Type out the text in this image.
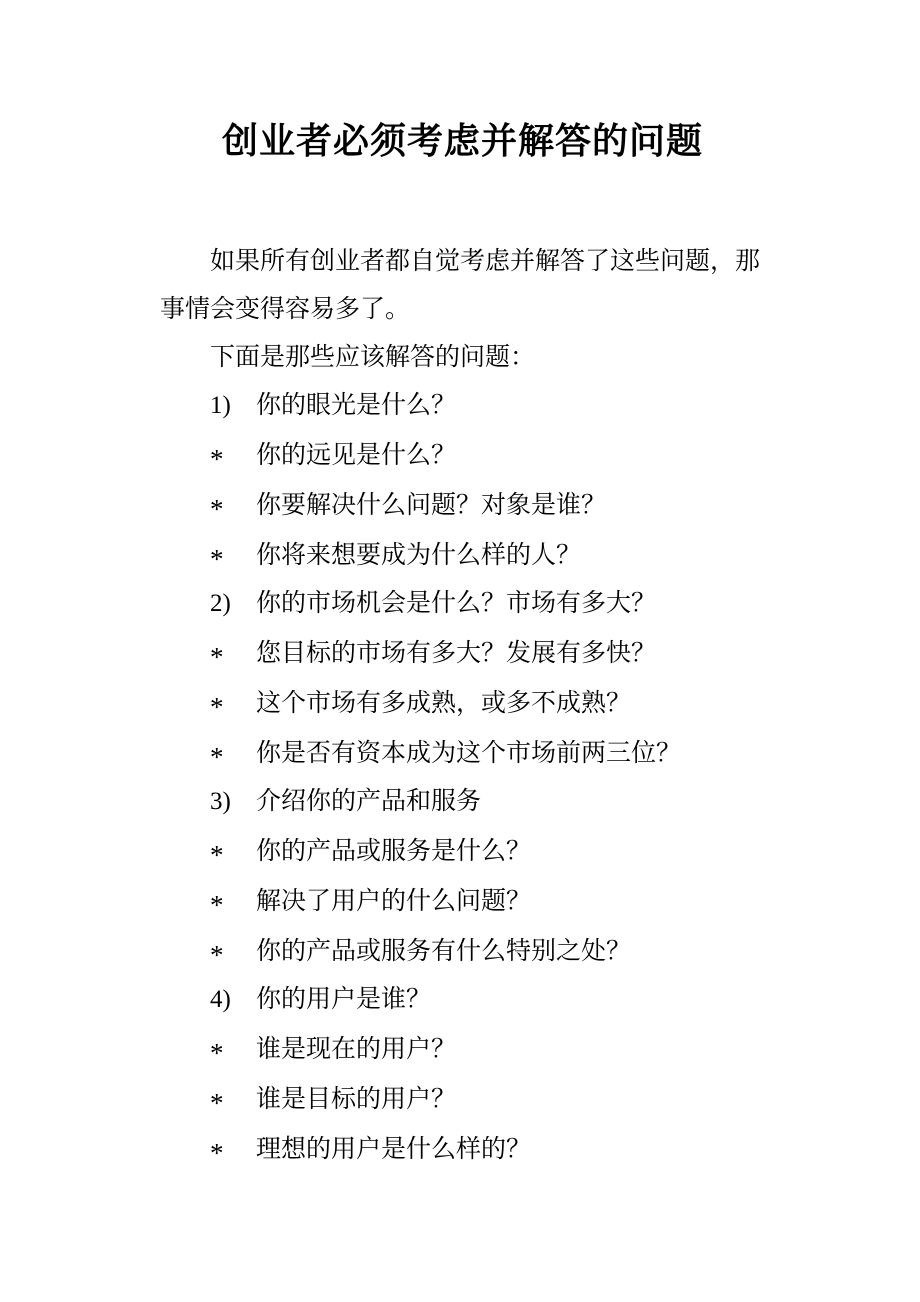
创业者必须考虑并解答的问题
如果所有创业者都自觉考虑并解答了这些问题，那
事情会变得容易多了。
下面是那些应该解答的问题：
1) 你的眼光是什么？
* 你的远见是什么？
* 你要解决什么问题？对象是谁？
* 你将来想要成为什么样的人？
2) 你的市场机会是什么？市场有多大？
* 您目标的市场有多大？发展有多快？
* 这个市场有多成熟，或多不成熟？
* 你是否有资本成为这个市场前两三位？
3) 介绍你的产品和服务
* 你的产品或服务是什么？
* 解决了用户的什么问题？
* 你的产品或服务有什么特别之处？
4) 你的用户是谁？
* 谁是现在的用户？
* 谁是目标的用户？
* 理想的用户是什么样的？
